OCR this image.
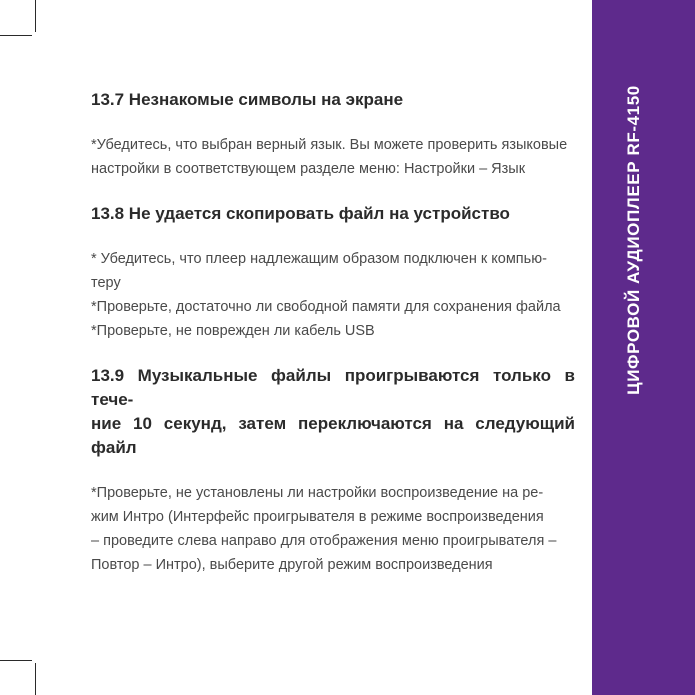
ЦИФРОВОЙ АУДИОПЛЕЕР RF-4150

13.7 Незнакомые символы на экране

*Убедитесь, что выбран верный язык. Вы можете проверить языковые

настройки в соответствующем разделе меню: Настройки – Язык

13.8 Не удается скопировать файл на устройство

* Убедитесь, что плеер надлежащим образом подключен к компью-

теру

*Проверьте, достаточно ли свободной памяти для сохранения файла

*Проверьте, не поврежден ли кабель USB

13.9 Музыкальные файлы проигрываются только в тече-

ние 10 секунд, затем переключаются на следующий файл

*Проверьте, не установлены ли настройки воспроизведение на ре-

жим Интро (Интерфейс проигрывателя в режиме воспроизведения

– проведите слева направо для отображения меню проигрывателя –

Повтор – Интро), выберите другой режим воспроизведения
